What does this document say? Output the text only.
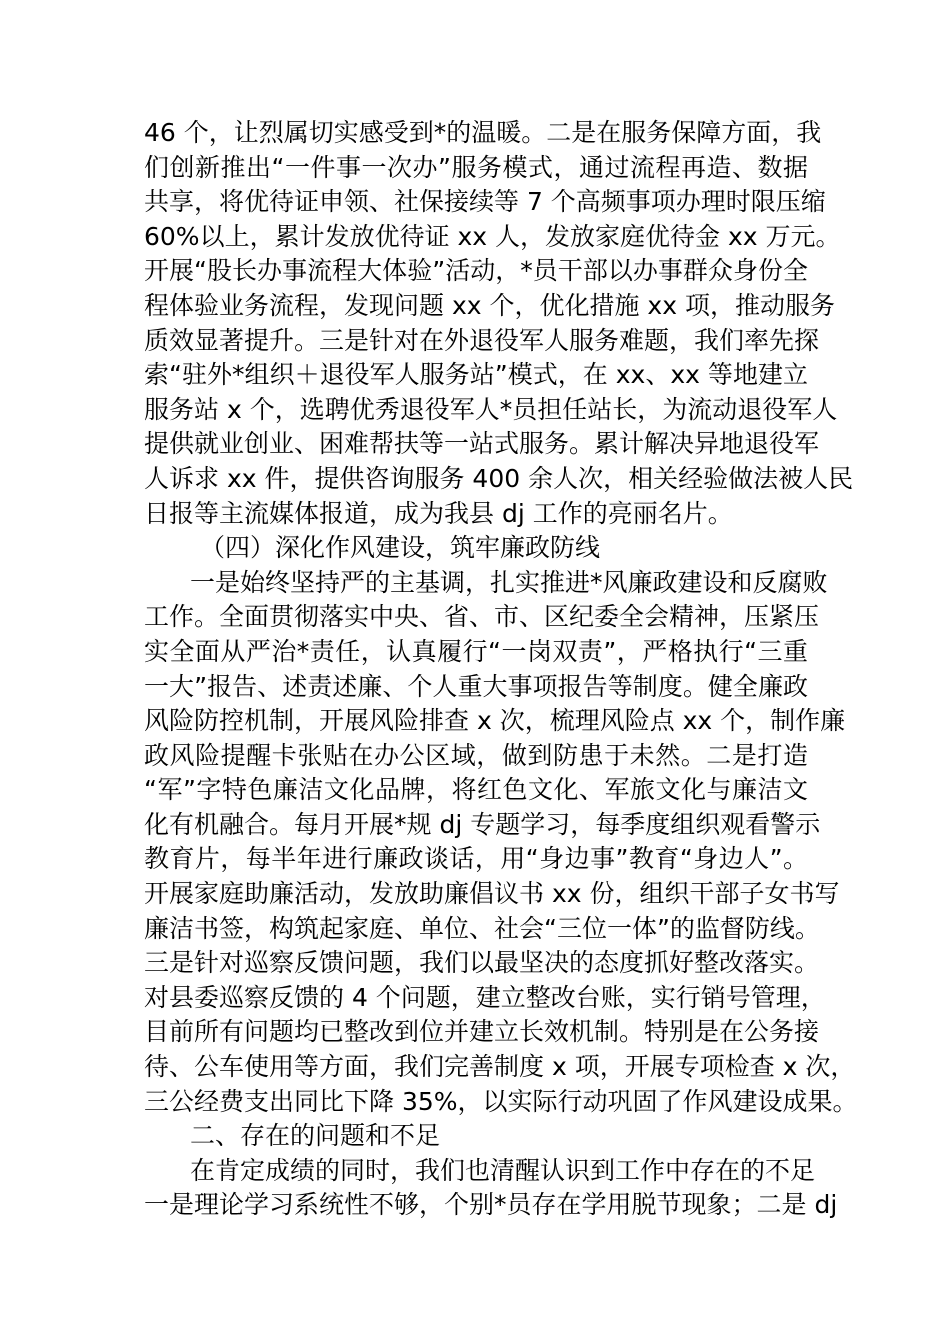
46 个，让烈属切实感受到*的温暖。二是在服务保障方面，我
们创新推出“一件事一次办”服务模式，通过流程再造、数据
共享，将优待证申领、社保接续等 7 个高频事项办理时限压缩
60%以上，累计发放优待证 xx 人，发放家庭优待金 xx 万元。
开展“股长办事流程大体验”活动，*员干部以办事群众身份全
程体验业务流程，发现问题 xx 个，优化措施 xx 项，推动服务
质效显著提升。三是针对在外退役军人服务难题，我们率先探
索“驻外*组织＋退役军人服务站”模式，在 xx、xx 等地建立
服务站 x 个，选聘优秀退役军人*员担任站长，为流动退役军人
提供就业创业、困难帮扶等一站式服务。累计解决异地退役军
人诉求 xx 件，提供咨询服务 400 余人次，相关经验做法被人民
日报等主流媒体报道，成为我县 dj 工作的亮丽名片。
（四）深化作风建设，筑牢廉政防线
一是始终坚持严的主基调，扎实推进*风廉政建设和反腐败
工作。全面贯彻落实中央、省、市、区纪委全会精神，压紧压
实全面从严治*责任，认真履行“一岗双责”，严格执行“三重
一大”报告、述责述廉、个人重大事项报告等制度。健全廉政
风险防控机制，开展风险排查 x 次，梳理风险点 xx 个，制作廉
政风险提醒卡张贴在办公区域，做到防患于未然。二是打造
“军”字特色廉洁文化品牌，将红色文化、军旅文化与廉洁文
化有机融合。每月开展*规 dj 专题学习，每季度组织观看警示
教育片，每半年进行廉政谈话，用“身边事”教育“身边人”。
开展家庭助廉活动，发放助廉倡议书 xx 份，组织干部子女书写
廉洁书签，构筑起家庭、单位、社会“三位一体”的监督防线。
三是针对巡察反馈问题，我们以最坚决的态度抓好整改落实。
对县委巡察反馈的 4 个问题，建立整改台账，实行销号管理，
目前所有问题均已整改到位并建立长效机制。特别是在公务接
待、公车使用等方面，我们完善制度 x 项，开展专项检查 x 次，
三公经费支出同比下降 35%，以实际行动巩固了作风建设成果。
二、存在的问题和不足
在肯定成绩的同时，我们也清醒认识到工作中存在的不足
一是理论学习系统性不够，个别*员存在学用脱节现象；二是 dj
